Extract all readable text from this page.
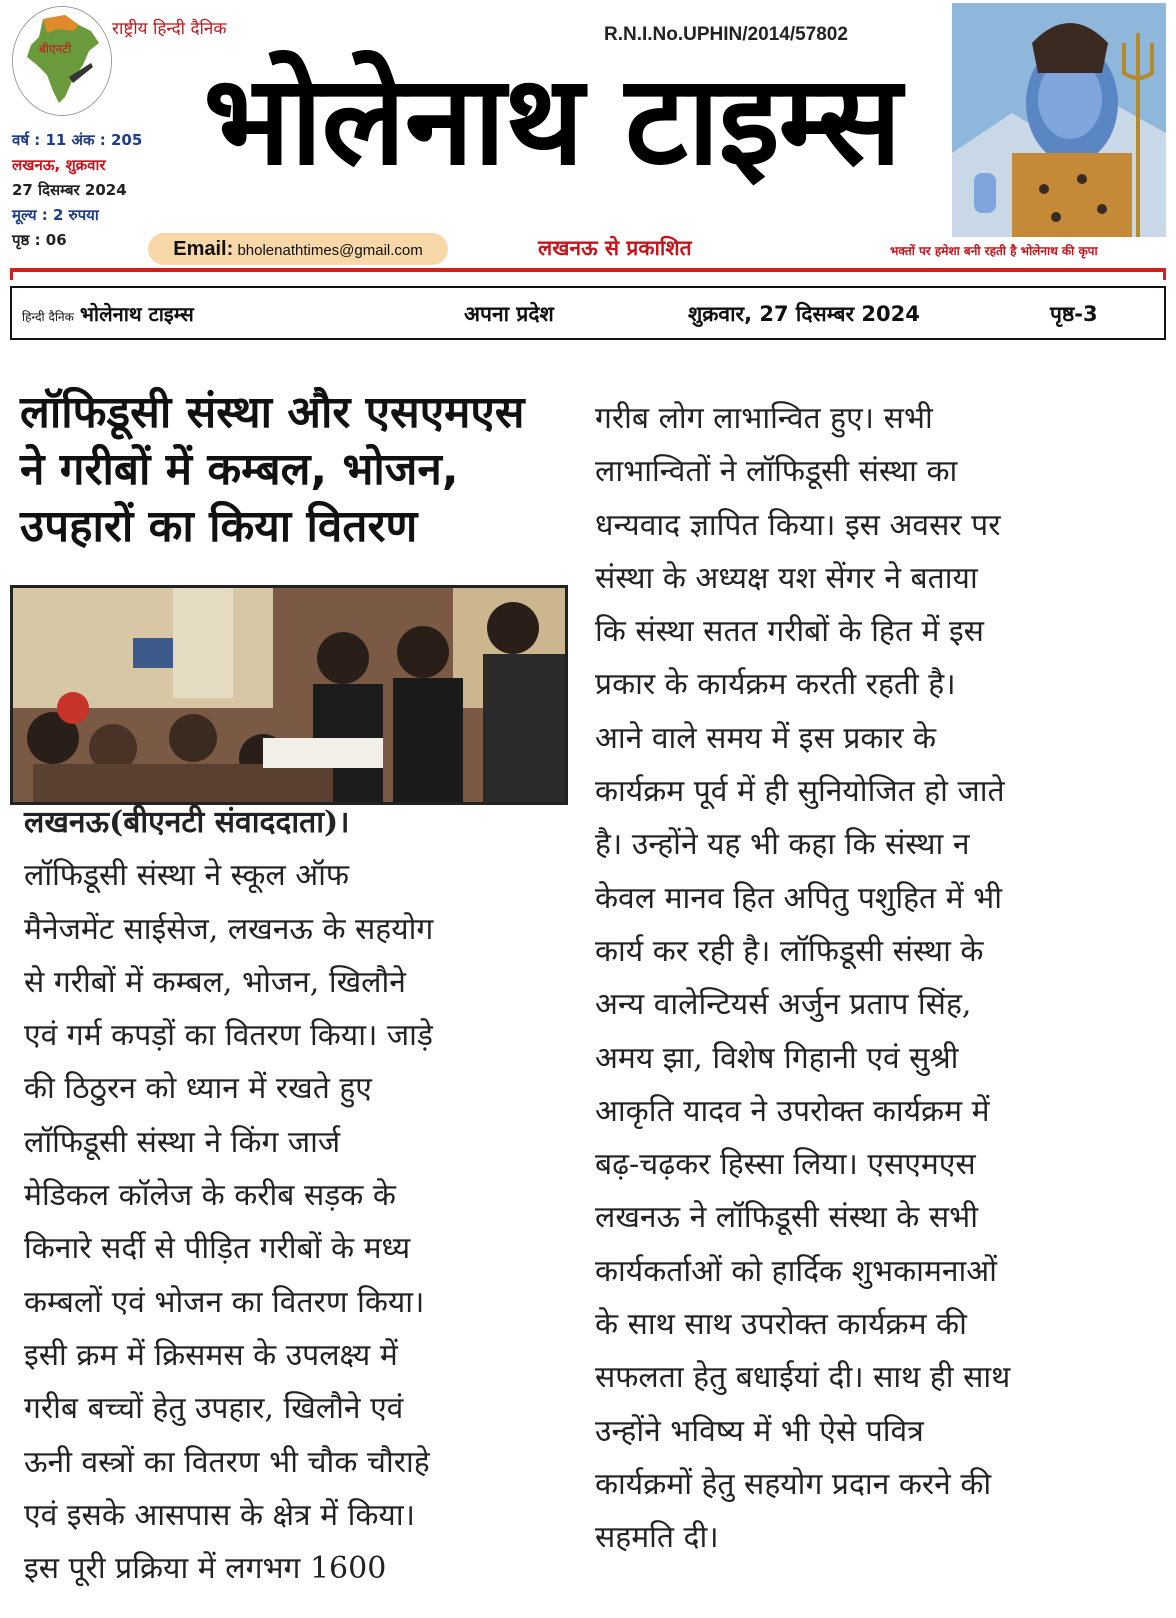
बीएनटी
राष्ट्रीय हिन्दी दैनिक	R.N.I.No.UPHIN/2014/57802
वर्ष : 11 अंक : 205
लखनऊ, शुक्रवार
27 दिसम्बर 2024
मूल्य : 2 रुपया
पृष्ठ : 06
भोलेनाथ टाइम्स
Email: bholenathtimes@gmail.com	लखनऊ से प्रकाशित	भक्तों पर हमेशा बनी रहती है भोलेनाथ की कृपा
हिन्दी दैनिक भोलेनाथ टाइम्स	अपना प्रदेश	शुक्रवार, 27 दिसम्बर 2024	पृष्ठ-3
लॉफिडूसी संस्था और एसएमएस
ने गरीबों में कम्बल, भोजन,
उपहारों का किया वितरण
लखनऊ(बीएनटी संवाददाता)।
लॉफिडूसी संस्था ने स्कूल ऑफ
मैनेजमेंट साईसेज, लखनऊ के सहयोग
से गरीबों में कम्बल, भोजन, खिलौने
एवं गर्म कपड़ों का वितरण किया। जाड़े
की ठिठुरन को ध्यान में रखते हुए
लॉफिडूसी संस्था ने किंग जार्ज
मेडिकल कॉलेज के करीब सड़क के
किनारे सर्दी से पीड़ित गरीबों के मध्य
कम्बलों एवं भोजन का वितरण किया।
इसी क्रम में क्रिसमस के उपलक्ष्य में
गरीब बच्चों हेतु उपहार, खिलौने एवं
ऊनी वस्त्रों का वितरण भी चौक चौराहे
एवं इसके आसपास के क्षेत्र में किया।
इस पूरी प्रक्रिया में लगभग 1600
गरीब लोग लाभान्वित हुए। सभी
लाभान्वितों ने लॉफिडूसी संस्था का
धन्यवाद ज्ञापित किया। इस अवसर पर
संस्था के अध्यक्ष यश सेंगर ने बताया
कि संस्था सतत गरीबों के हित में इस
प्रकार के कार्यक्रम करती रहती है।
आने वाले समय में इस प्रकार के
कार्यक्रम पूर्व में ही सुनियोजित हो जाते
है। उन्होंने यह भी कहा कि संस्था न
केवल मानव हित अपितु पशुहित में भी
कार्य कर रही है। लॉफिडूसी संस्था के
अन्य वालेन्टियर्स अर्जुन प्रताप सिंह,
अमय झा, विशेष गिहानी एवं सुश्री
आकृति यादव ने उपरोक्त कार्यक्रम में
बढ़-चढ़कर हिस्सा लिया। एसएमएस
लखनऊ ने लॉफिडूसी संस्था के सभी
कार्यकर्ताओं को हार्दिक शुभकामनाओं
के साथ साथ उपरोक्त कार्यक्रम की
सफलता हेतु बधाईयां दी। साथ ही साथ
उन्होंने भविष्य में भी ऐसे पवित्र
कार्यक्रमों हेतु सहयोग प्रदान करने की
सहमति दी।
